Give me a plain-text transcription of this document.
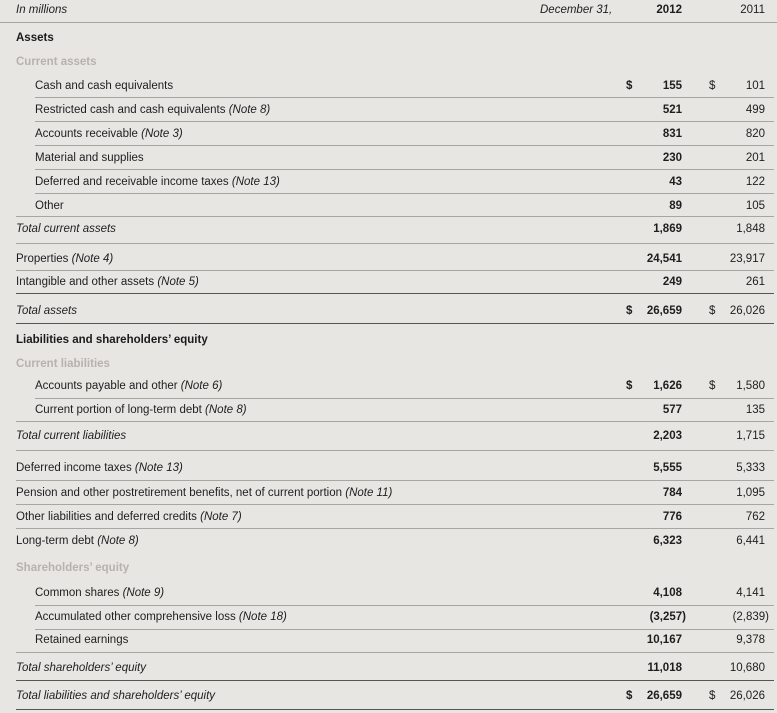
In millions	December 31,	2012	2011
Assets
Current assets
Cash and cash equivalents	$	155 $	101
Restricted cash and cash equivalents (Note 8)	521	499
Accounts receivable (Note 3)	831	820
Material and supplies	230	201
Deferred and receivable income taxes (Note 13)	43	122
Other	89	105
Total current assets	1,869	1,848
Properties (Note 4)	24,541	23,917
Intangible and other assets (Note 5)	249	261
Total assets	$ 26,659 $ 26,026
Liabilities and shareholders’ equity
Current liabilities
Accounts payable and other (Note 6)	$ 1,626 $ 1,580
Current portion of long-term debt (Note 8)	577	135
Total current liabilities	2,203	1,715
Deferred income taxes (Note 13)	5,555	5,333
Pension and other postretirement benefits, net of current portion (Note 11)	784	1,095
Other liabilities and deferred credits (Note 7)	776	762
Long-term debt (Note 8)	6,323	6,441
Shareholders’ equity
Common shares (Note 9)	4,108	4,141
Accumulated other comprehensive loss (Note 18)	(3,257)	(2,839)
Retained earnings	10,167	9,378
Total shareholders’ equity	11,018	10,680
Total liabilities and shareholders’ equity	$ 26,659 $ 26,026
